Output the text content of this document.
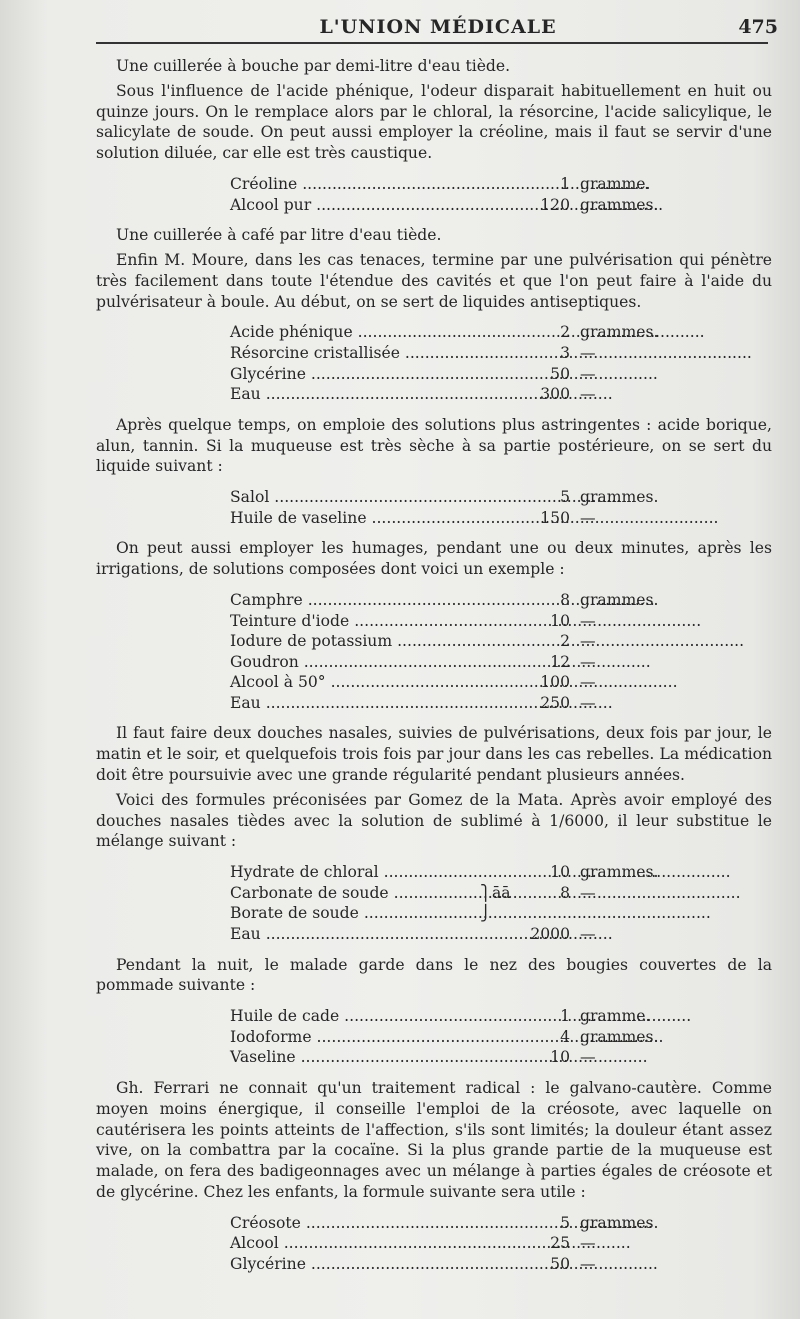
L'UNION MÉDICALE	475

Une cuillerée à bouche par demi-litre d'eau tiède.

Sous l'influence de l'acide phénique, l'odeur disparait habituellement en huit ou quinze jours. On le remplace alors par le chloral, la résorcine, l'acide salicylique, le salicylate de soude. On peut aussi employer la créoline, mais il faut se servir d'une solution diluée, car elle est très caustique.

Créoline .....	1 gramme.
Alcool pur .....	120 grammes.

Une cuillerée à café par litre d'eau tiède.

Enfin M. Moure, dans les cas tenaces, termine par une pulvérisation qui pénètre très facilement dans toute l'étendue des cavités et que l'on peut faire à l'aide du pulvérisateur à boule. Au début, on se sert de liquides antiseptiques.

Acide phénique .....	2 grammes.
Résorcine cristallisée .....	3 —
Glycérine .....	50 —
Eau .....	300 —

Après quelque temps, on emploie des solutions plus astringentes : acide borique, alun, tannin. Si la muqueuse est très sèche à sa partie postérieure, on se sert du liquide suivant :

Salol .....	5 grammes.
Huile de vaseline .....	150 —

On peut aussi employer les humages, pendant une ou deux minutes, après les irrigations, de solutions composées dont voici un exemple :

Camphre .....	8 grammes.
Teinture d'iode .....	10 —
Iodure de potassium .....	2 —
Goudron .....	12 —
Alcool à 50° .....	100 —
Eau .....	250 —

Il faut faire deux douches nasales, suivies de pulvérisations, deux fois par jour, le matin et le soir, et quelquefois trois fois par jour dans les cas rebelles. La médication doit être poursuivie avec une grande régularité pendant plusieurs années.

Voici des formules préconisées par Gomez de la Mata. Après avoir employé des douches nasales tièdes avec la solution de sublimé à 1/6000, il leur substitue le mélange suivant :

Hydrate de chloral .....	10 grammes.
Carbonate de soude .....	⎫ āā	8 —
Borate de soude .....	⎭
Eau .....	2000 —

Pendant la nuit, le malade garde dans le nez des bougies couvertes de la pommade suivante :

Huile de cade .....	1 gramme.
Iodoforme .....	4 grammes.
Vaseline .....	10 —

Gh. Ferrari ne connait qu'un traitement radical : le galvano-cautère. Comme moyen moins énergique, il conseille l'emploi de la créosote, avec laquelle on cautérisera les points atteints de l'affection, s'ils sont limités; la douleur étant assez vive, on la combattra par la cocaïne. Si la plus grande partie de la muqueuse est malade, on fera des badigeonnages avec un mélange à parties égales de créosote et de glycérine. Chez les enfants, la formule suivante sera utile :

Créosote .....	5 grammes.
Alcool .....	25 —
Glycérine .....	50 —
